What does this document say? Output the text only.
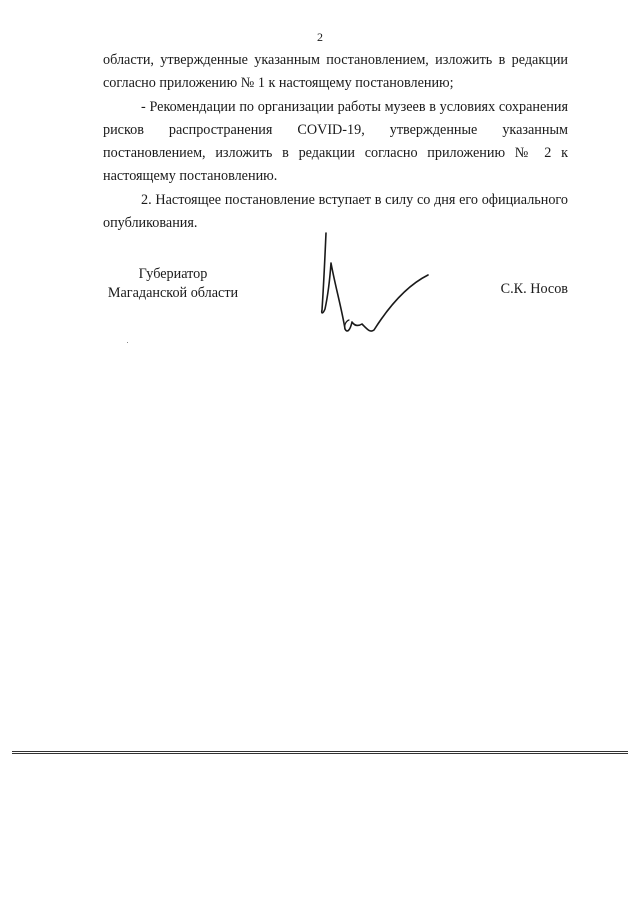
2

области, утвержденные указанным постановлением, изложить в редакции согласно приложению № 1 к настоящему постановлению;

- Рекомендации по организации работы музеев в условиях сохранения рисков распространения COVID-19, утвержденные указанным постановлением, изложить в редакции согласно приложению № 2 к настоящему постановлению.

2. Настоящее постановление вступает в силу со дня его официального опубликования.

Губериатор
Магаданской области	С.К. Носов
